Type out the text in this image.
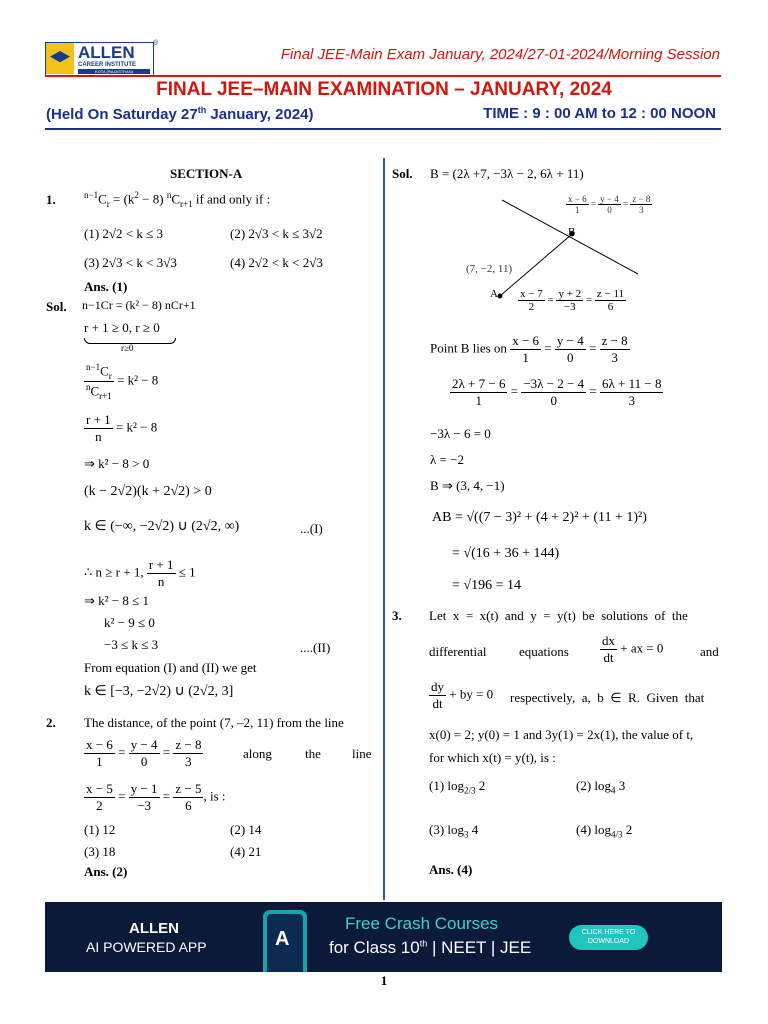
ALLEN
CAREER INSTITUTE
KOTA (RAJASTHAN)
®
Final JEE-Main Exam January, 2024/27-01-2024/Morning Session
FINAL JEE–MAIN EXAMINATION – JANUARY, 2024
(Held On Saturday 27th January, 2024)	TIME : 9 : 00 AM to 12 : 00 NOON
SECTION-A
1.	$^{n-1}C_r = (k^2 - 8)$ $^nC_{r+1}$ if and only if :
(1) 2√2 < k ≤ 3	(2) 2√3 < k ≤ 3√2
(3) 2√3 < k < 3√3	(4) 2√2 < k < 2√3
Ans. (1)
Sol. n−1Cr = (k² − 8) nCr+1
r + 1 ≥ 0, r ≥ 0
r≥0
$\frac{^{n-1}C_r}{^nC_{r+1}} = k^2 - 8$
$\frac{r + 1}{n} = k^2 - 8$
⇒ k² − 8 > 0
(k − 2√2)(k + 2√2) > 0
k ∈ (−∞, −2√2) ∪ (2√2, ∞)	...(I)
∴ n ≥ r + 1, $\frac{r + 1}{n} \le 1$
⇒ k² − 8 ≤ 1
k² − 9 ≤ 0
−3 ≤ k ≤ 3	....(II)
From equation (I) and (II) we get
k ∈ [−3, −2√2) ∪ (2√2, 3]
2. The distance, of the point (7, –2, 11) from the line
$\frac{x - 6}{1} = \frac{y - 4}{0} = \frac{z - 8}{3}$	along	the line
$\frac{x - 5}{2} = \frac{y - 1}{-3} = \frac{z - 5}{6}$ , is :
(1) 12	(2) 14
(3) 18	(4) 21
Ans. (2)
Sol. B = (2λ +7, −3λ − 2, 6λ + 11)
B
A
(7, −2, 11)
$\frac{x - 6}{1} = \frac{y - 4}{0} = \frac{z - 8}{3}$
$\frac{x - 7}{2} = \frac{y + 2}{-3} = \frac{z - 11}{6}$
Point B lies on $\frac{x - 6}{1} = \frac{y - 4}{0} = \frac{z - 8}{3}$
$\frac{2\lambda + 7 - 6}{1} = \frac{-3\lambda - 2 - 4}{0} = \frac{6\lambda + 11 - 8}{3}$
−3λ − 6 = 0
λ = −2
B ⇒ (3, 4, −1)
AB = √((7 − 3)² + (4 + 2)² + (11 + 1)²)
= √(16 + 36 + 144)
= √196 = 14
3. Let  x  =  x(t)  and  y  =  y(t)  be  solutions  of  the
differential equations $\frac{dx}{dt}$ + ax = 0	and
$\frac{dy}{dt}$ + by = 0 respectively,  a,  b  ∈  R.  Given  that
x(0) = 2; y(0) = 1 and 3y(1) = 2x(1), the value of t,
for which x(t) = y(t), is :
(1) $\log_{2/3} 2$	(2) $\log_4 3$
(3) $\log_3 4$	(4) $\log_{4/3} 2$
Ans. (4)
ALLEN
AI POWERED APP	A
Free Crash Courses
for Class 10th | NEET | JEE
CLICK HERE TO DOWNLOAD
1
